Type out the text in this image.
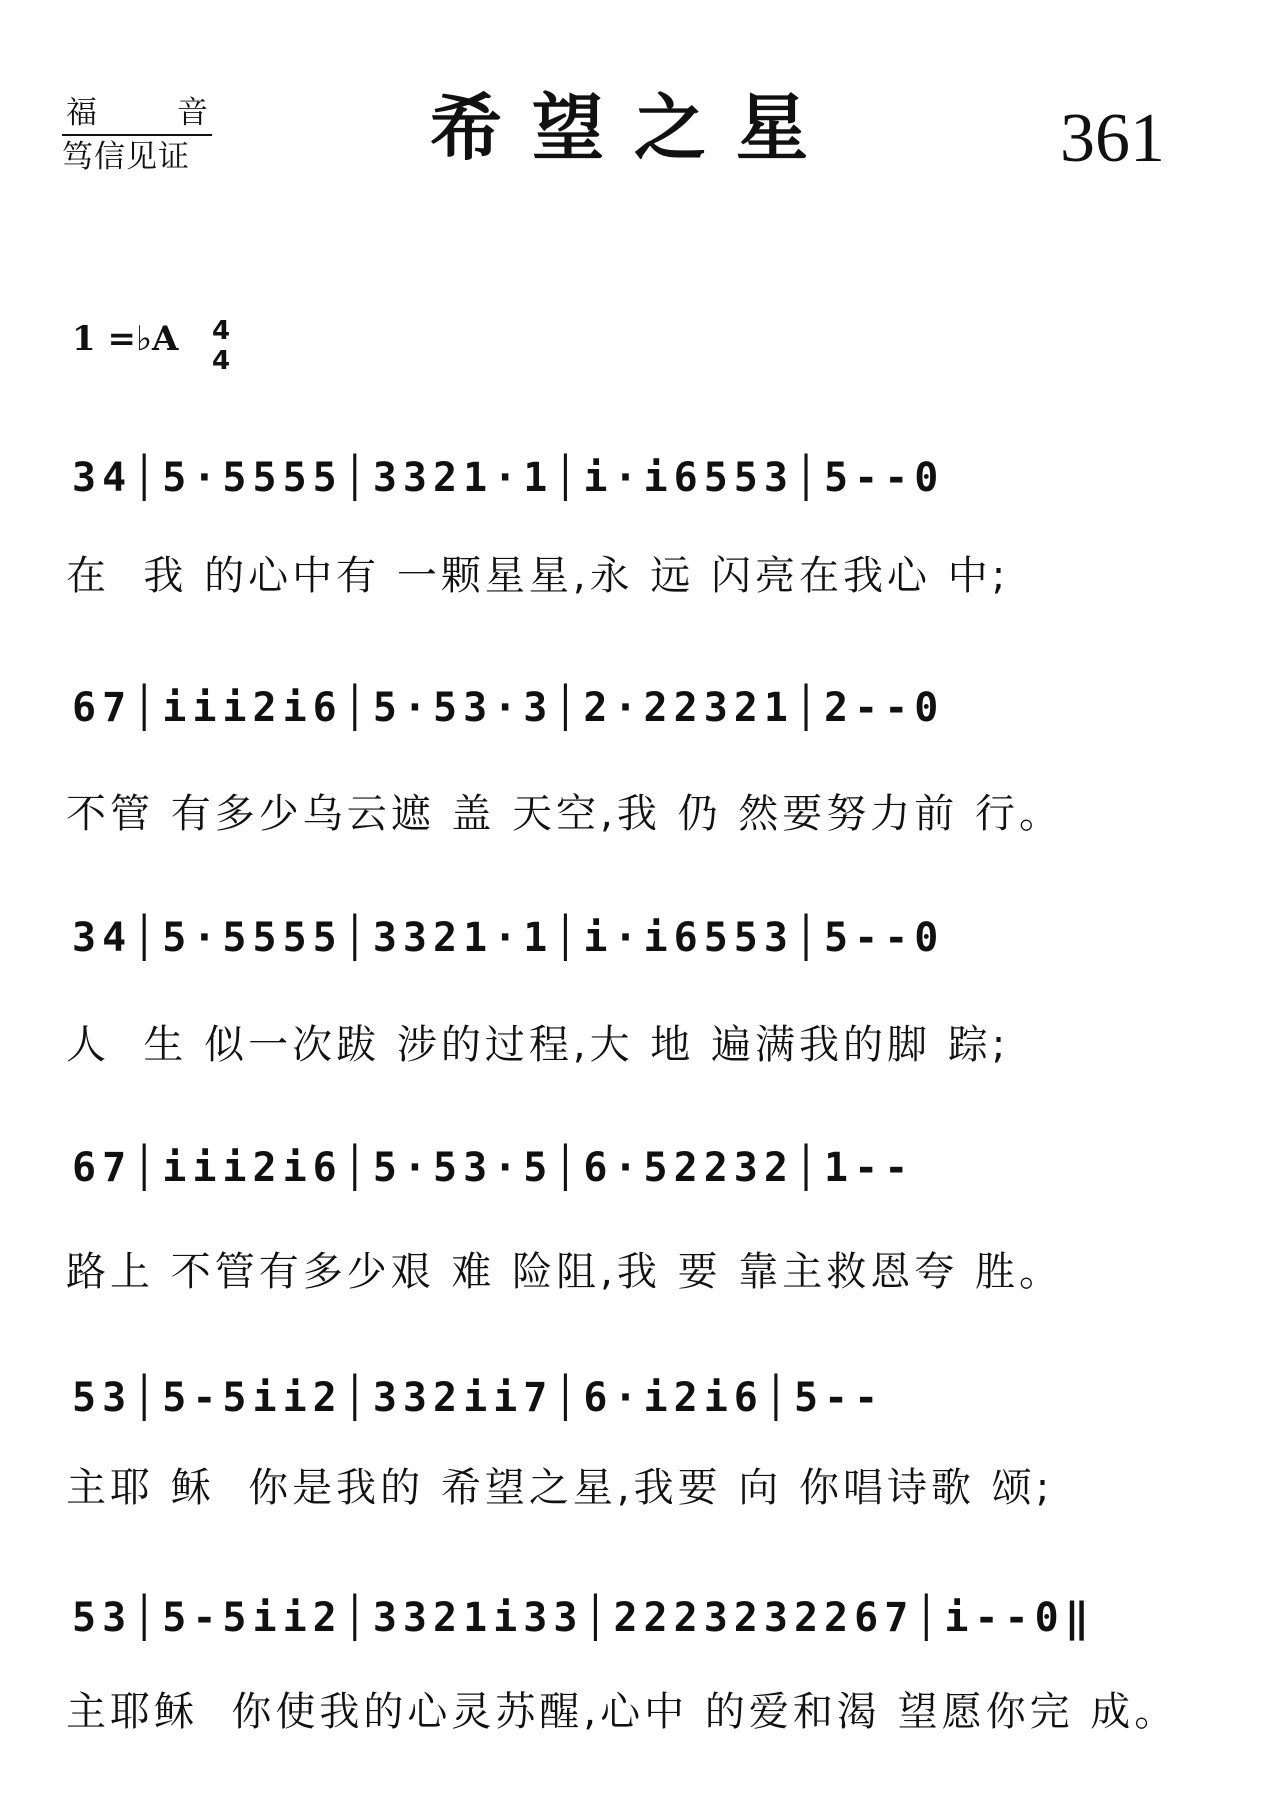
福	音
笃信见证	希望之星	361
1 =♭A 4
4
34│5·5555│3321·1│i·i6553│5--0
在  我 的心中有 一颗星星,永 远 闪亮在我心 中;
67│iii2i6│5·53·3│2·22321│2--0
不管 有多少乌云遮 盖 天空,我 仍 然要努力前 行。
34│5·5555│3321·1│i·i6553│5--0
人  生 似一次跋 涉的过程,大 地 遍满我的脚 踪;
67│iii2i6│5·53·5│6·52232│1--
路上 不管有多少艰 难 险阻,我 要 靠主救恩夸 胜。
53│5-5ii2│332ii7│6·i2i6│5--
主耶 稣  你是我的 希望之星,我要 向 你唱诗歌 颂;
53│5-5ii2│3321i33│2223232267│i--0‖
主耶稣  你使我的心灵苏醒,心中 的爱和渴 望愿你完 成。
